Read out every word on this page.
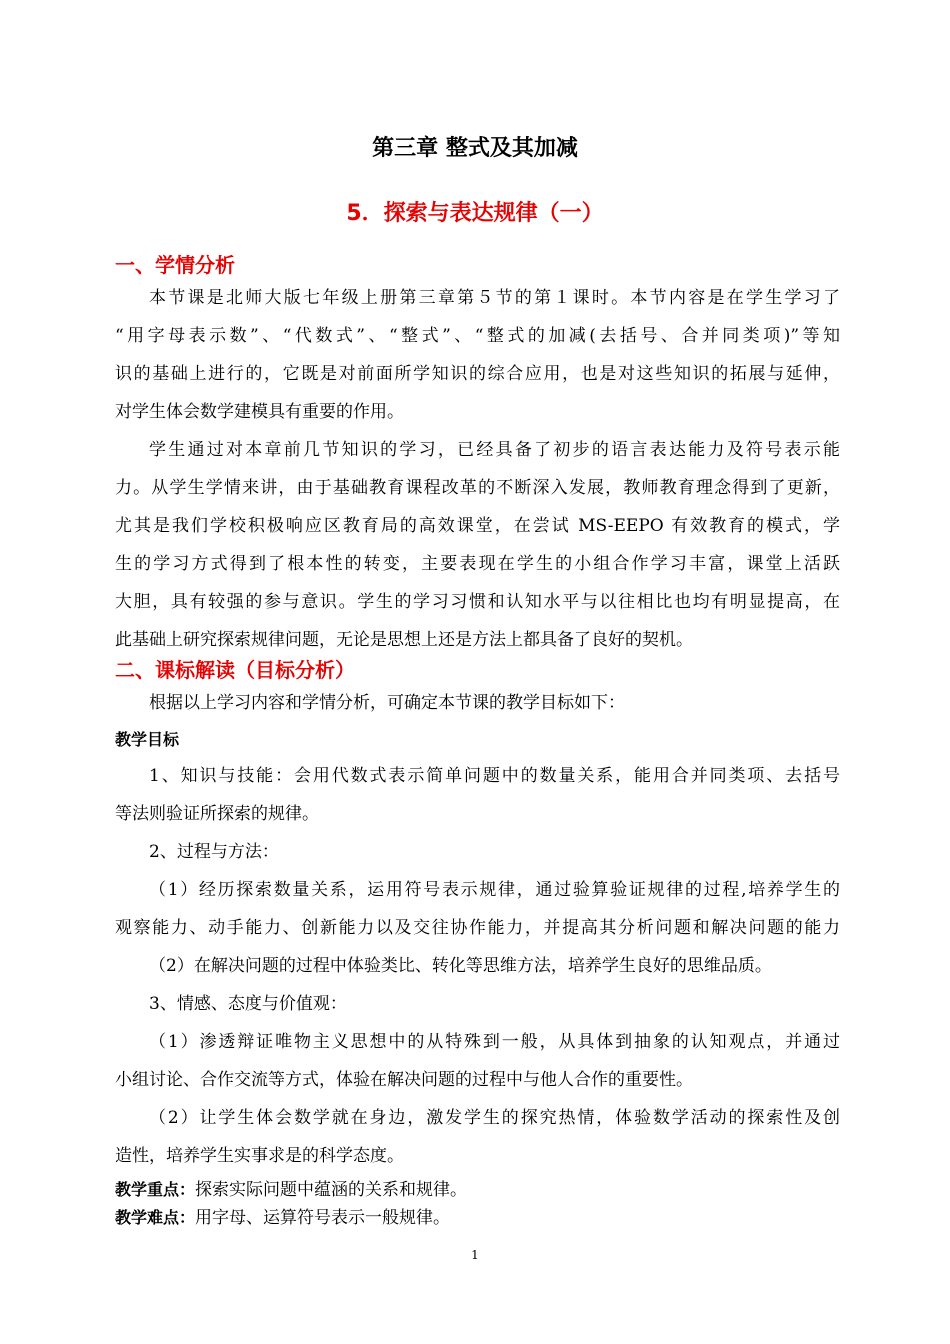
第三章 整式及其加减
5．探索与表达规律（一）
一、学情分析
本节课是北师大版七年级上册第三章第５节的第１课时。本节内容是在学生学习了
“用字母表示数”、“代数式”、“整式”、“整式的加减(去括号、合并同类项)”等知
识的基础上进行的，它既是对前面所学知识的综合应用，也是对这些知识的拓展与延伸，
对学生体会数学建模具有重要的作用。
学生通过对本章前几节知识的学习，已经具备了初步的语言表达能力及符号表示能
力。从学生学情来讲，由于基础教育课程改革的不断深入发展，教师教育理念得到了更新，
尤其是我们学校积极响应区教育局的高效课堂，在尝试 MS-EEPO 有效教育的模式，学
生的学习方式得到了根本性的转变，主要表现在学生的小组合作学习丰富，课堂上活跃
大胆，具有较强的参与意识。学生的学习习惯和认知水平与以往相比也均有明显提高，在
此基础上研究探索规律问题，无论是思想上还是方法上都具备了良好的契机。
二、课标解读（目标分析）
根据以上学习内容和学情分析，可确定本节课的教学目标如下：
教学目标
1、知识与技能：会用代数式表示简单问题中的数量关系，能用合并同类项、去括号
等法则验证所探索的规律。
2、过程与方法：
（1）经历探索数量关系，运用符号表示规律，通过验算验证规律的过程,培养学生的
观察能力、动手能力、创新能力以及交往协作能力，并提高其分析问题和解决问题的能力
（2）在解决问题的过程中体验类比、转化等思维方法，培养学生良好的思维品质。
3、情感、态度与价值观：
（1）渗透辩证唯物主义思想中的从特殊到一般，从具体到抽象的认知观点，并通过
小组讨论、合作交流等方式，体验在解决问题的过程中与他人合作的重要性。
（2）让学生体会数学就在身边，激发学生的探究热情，体验数学活动的探索性及创
造性，培养学生实事求是的科学态度。
教学重点：探索实际问题中蕴涵的关系和规律。
教学难点：用字母、运算符号表示一般规律。
1
